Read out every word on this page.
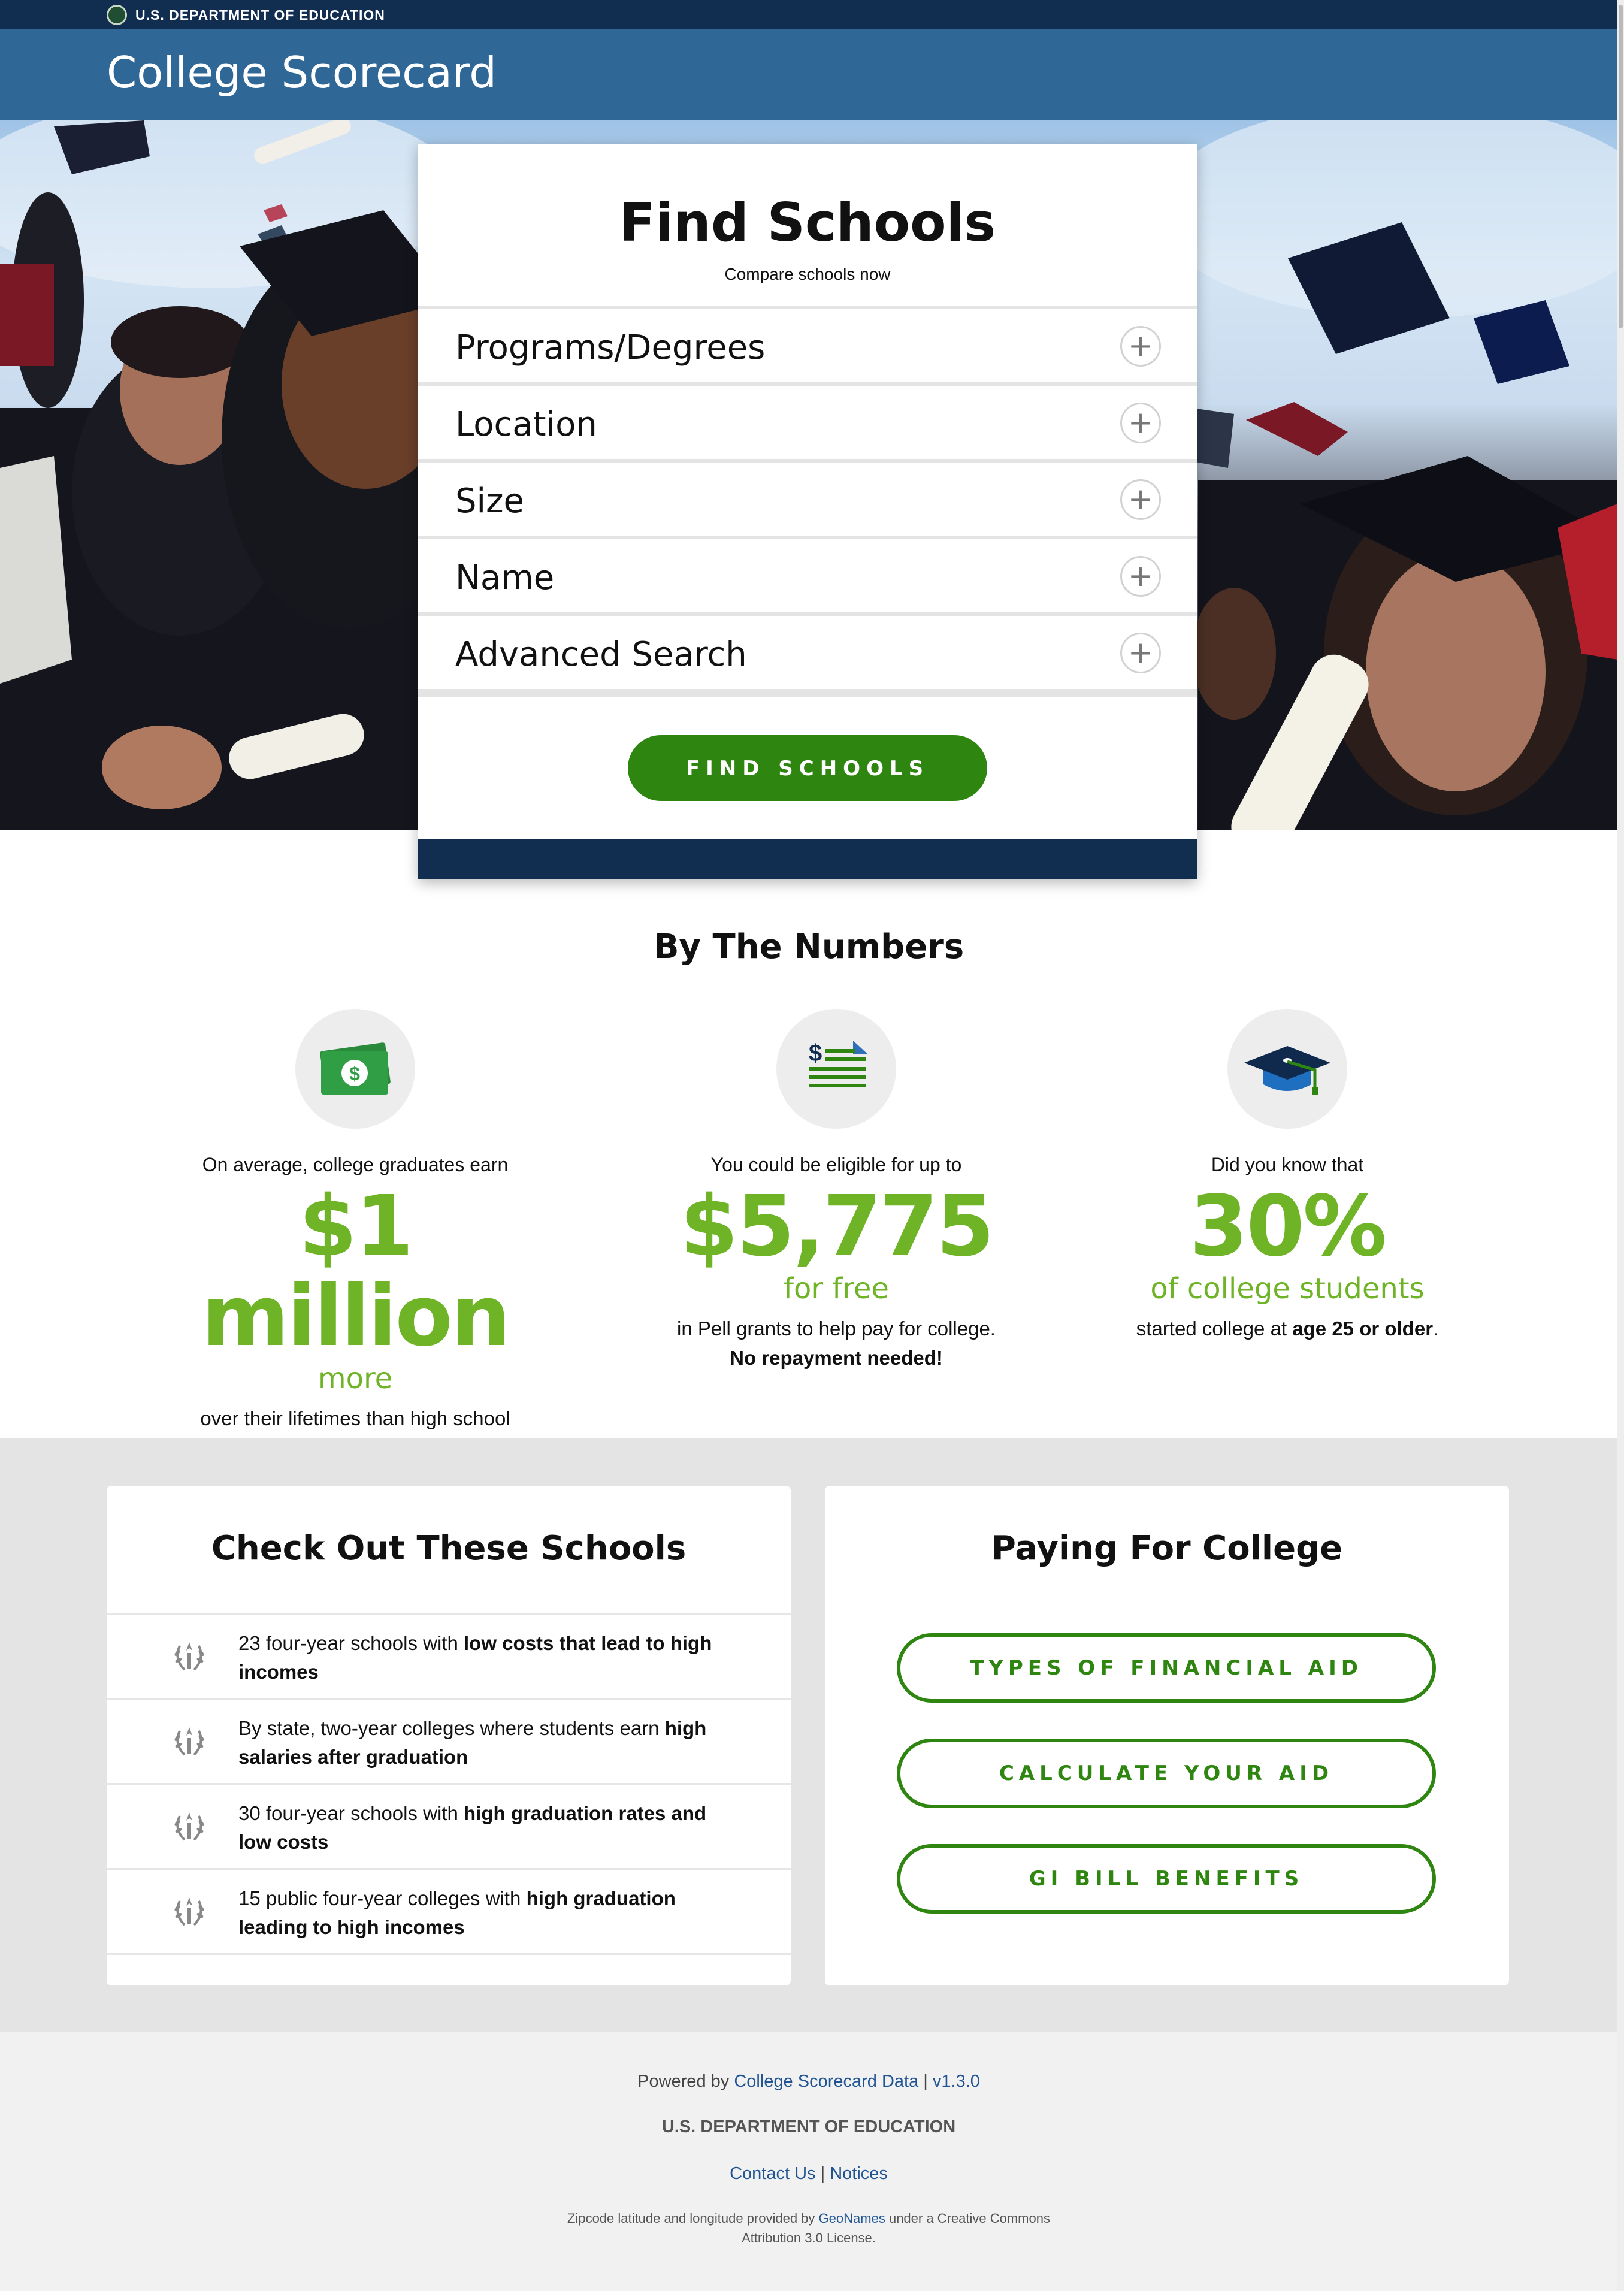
U.S. DEPARTMENT OF EDUCATION
College Scorecard
Find Schools
Compare schools now
Programs/Degrees	+
Location	+
Size	+
Name	+
Advanced Search	+
FIND SCHOOLS
By The Numbers
$
On average, college graduates earn
$1 million
more
over their lifetimes than high school
$
You could be eligible for up to
$5,775
for free
in Pell grants to help pay for college. No repayment needed!
Did you know that
30%
of college students
started college at age 25 or older.
Check Out These Schools
23 four-year schools with low costs that lead to high incomes
By state, two-year colleges where students earn high salaries after graduation
30 four-year schools with high graduation rates and low costs
15 public four-year colleges with high graduation leading to high incomes
Paying For College
TYPES OF FINANCIAL AID
CALCULATE YOUR AID
GI BILL BENEFITS
Powered by College Scorecard Data | v1.3.0
U.S. DEPARTMENT OF EDUCATION
Contact Us | Notices
Zipcode latitude and longitude provided by GeoNames under a Creative Commons Attribution 3.0 License.
